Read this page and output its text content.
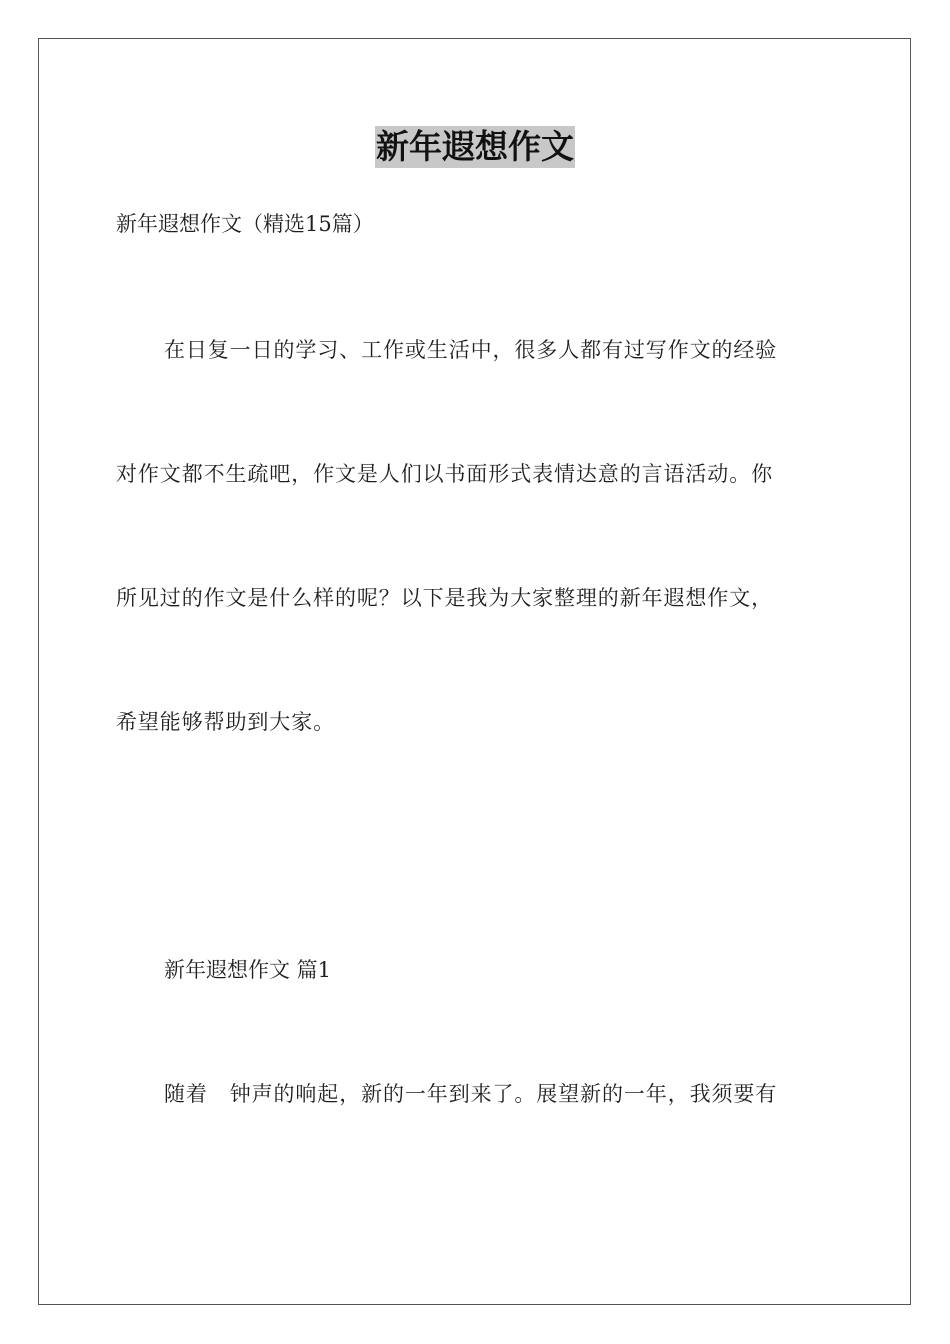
新年遐想作文
新年遐想作文（精选15篇）
在日复一日的学习、工作或生活中，很多人都有过写作文的经验
对作文都不生疏吧，作文是人们以书面形式表情达意的言语活动。你
所见过的作文是什么样的呢？以下是我为大家整理的新年遐想作文，
希望能够帮助到大家。
新年遐想作文 篇1
随着　钟声的响起，新的一年到来了。展望新的一年，我须要有
